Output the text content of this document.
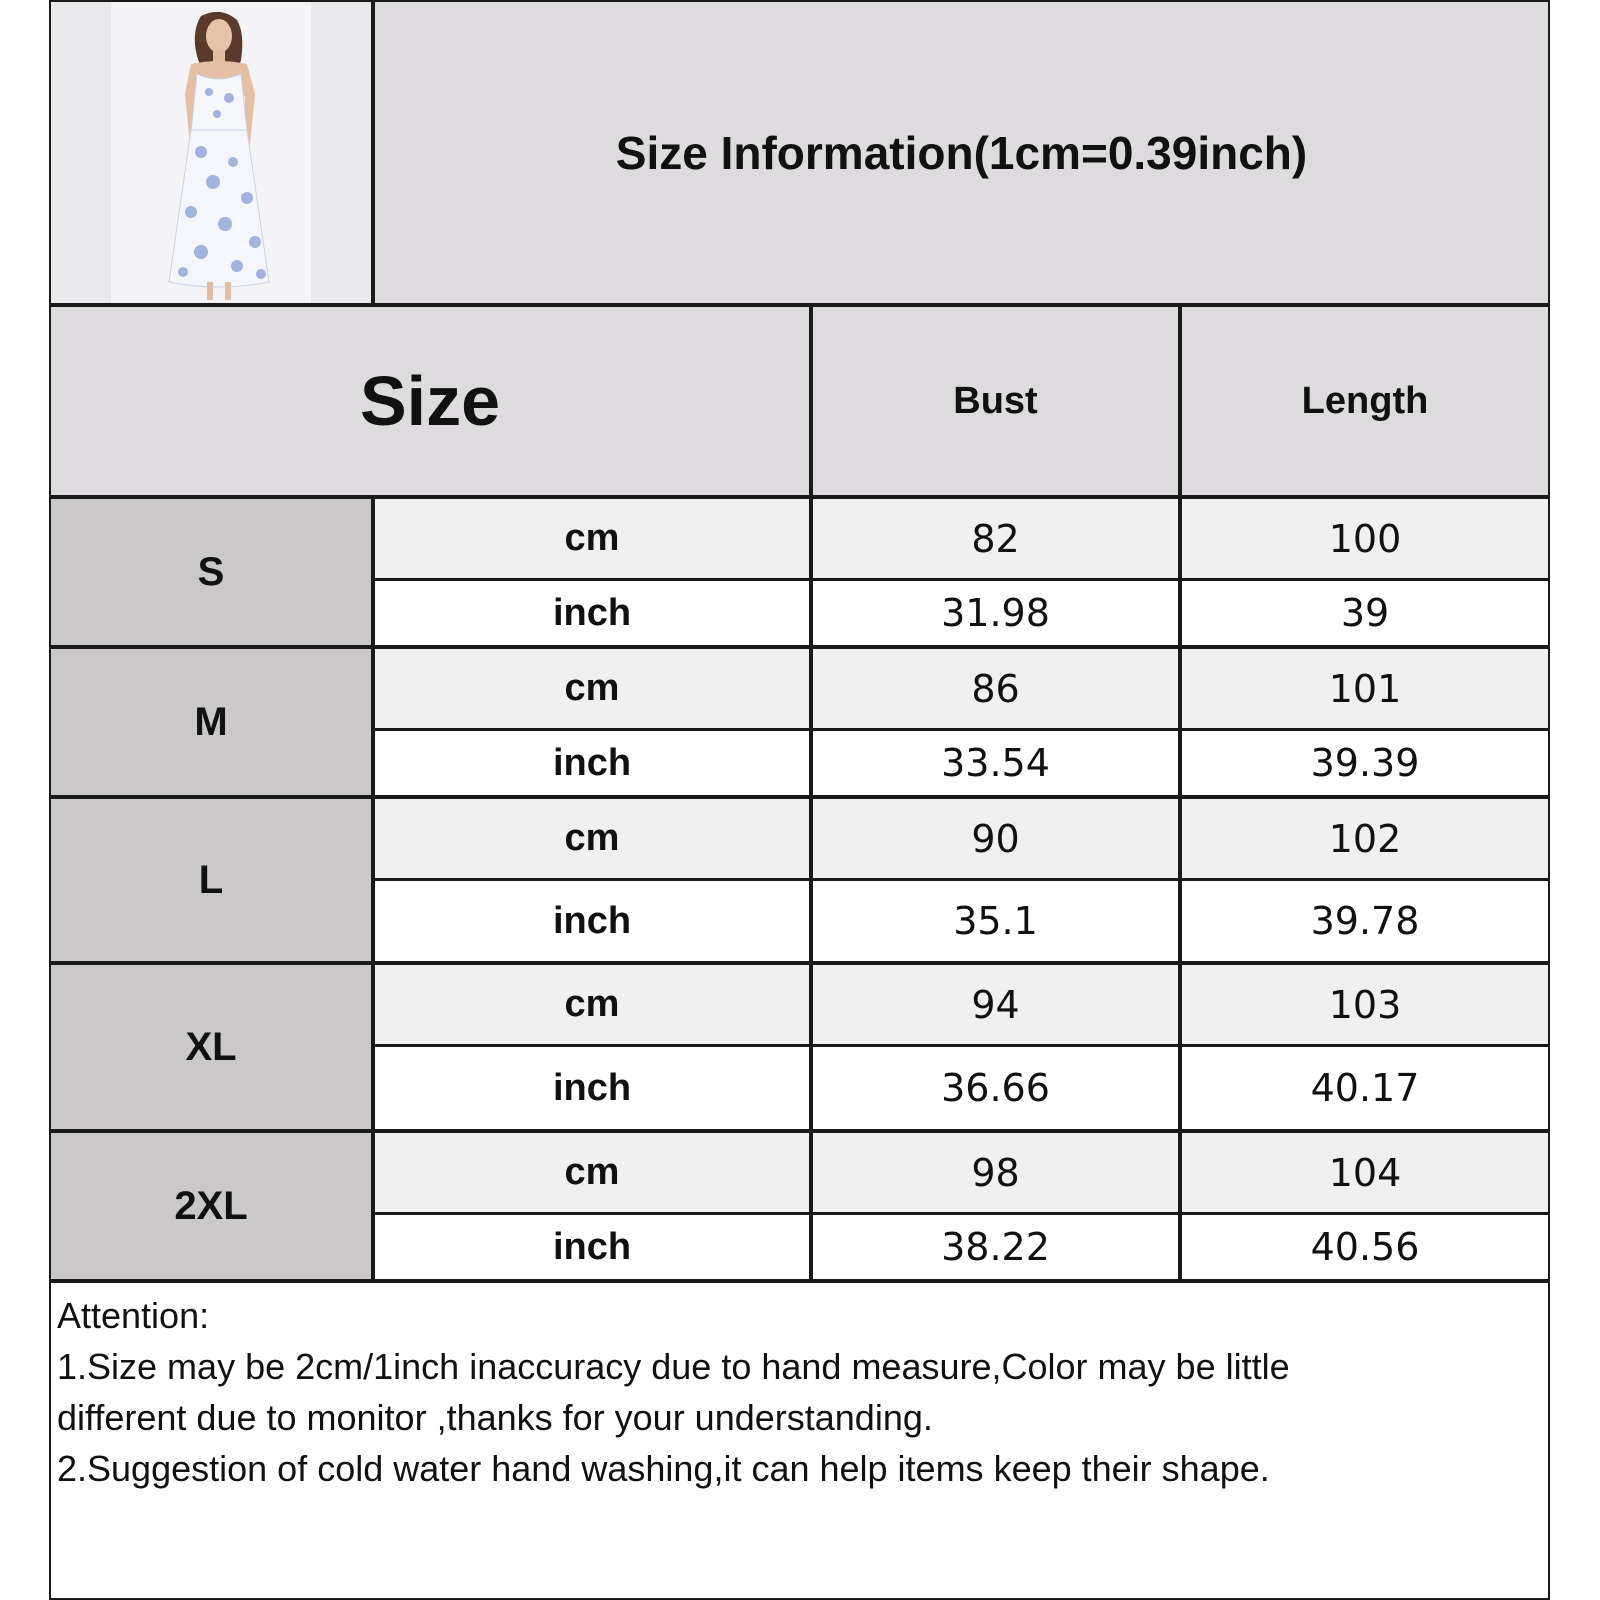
Size Information(1cm=0.39inch)
Size	Bust	Length
S
cm	82	100
inch	31.98	39
M
cm	86	101
inch	33.54	39.39
L
cm	90	102
inch	35.1	39.78
XL
cm	94	103
inch	36.66	40.17
2XL
cm	98	104
inch	38.22	40.56
Attention:
1.Size may be 2cm/1inch inaccuracy due to hand measure,Color may be little
different due to monitor ,thanks for your understanding.
2.Suggestion of cold water hand washing,it can help items keep their shape.
